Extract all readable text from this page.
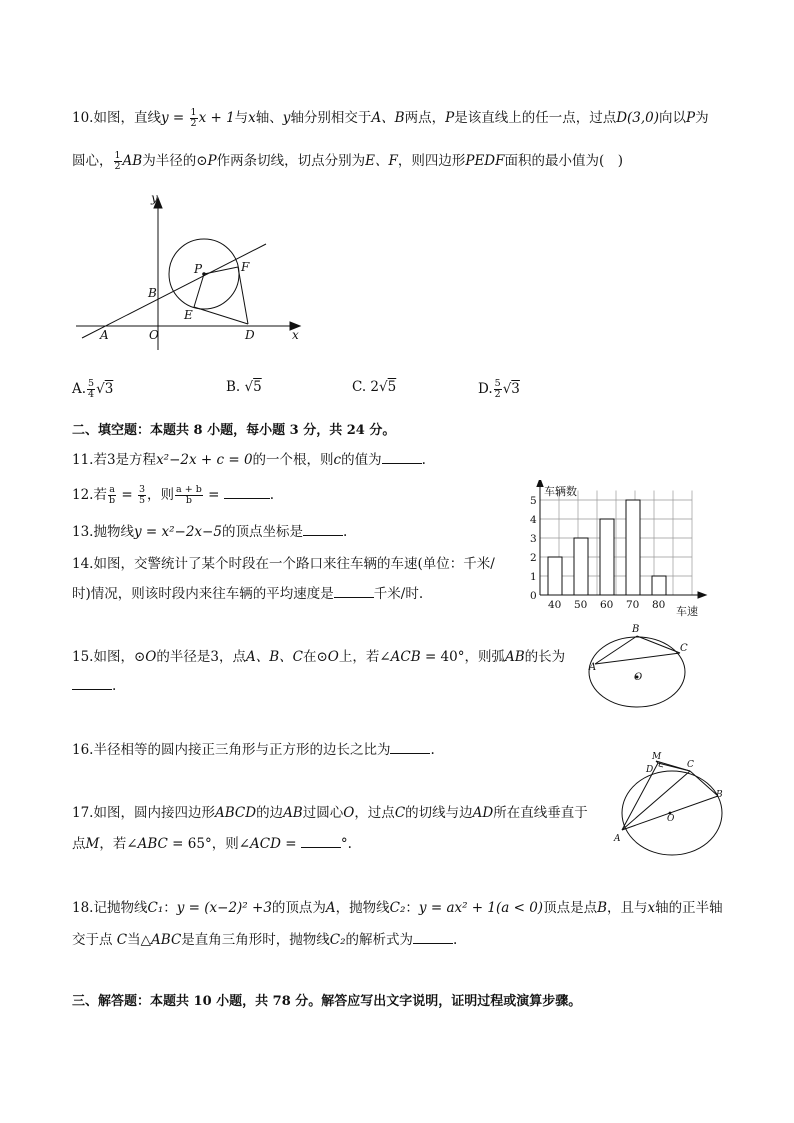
10.如图，直线$y = \frac{1}{2}$ x + 1与x轴、y轴分别相交于A、B两点，P是该直线上的任一点，过点D(3,0)向以P为
圆心， $\frac{1}{2}$ AB为半径的⊙P作两条切线，切点分别为E、F，则四边形PEDF面积的最小值为(　)
y
x
P	F
B
E
A	O	D
A. $\frac{5}{4} √3$	B. √5	C. 2√5	D. $\frac{5}{2} √3$
二、填空题：本题共 8 小题，每小题 3 分，共 24 分。
11.若3是方程x²−2x + c = 0的一个根，则c的值为	.
12.若 $\frac{a}{b} = \frac{3}{5}$ ，则 $\frac{a + b}{b}$ =	.
13.抛物线y = x²−2x−5的顶点坐标是	.
14.如图，交警统计了某个时段在一个路口来往车辆的车速(单位：千米/
时)情况，则该时段内来往车辆的平均速度是	千米/时.	0
1
2
3
4
5
40 50 60 70 80
车辆数
车速
15.如图，⊙O的半径是3，点A、B、C在⊙O上，若∠ACB = 40°，则弧AB的长为
.
A
B
C
O
16.半径相等的圆内接正三角形与正方形的边长之比为	.
17.如图，圆内接四边形ABCD的边AB过圆心O，过点C的切线与边AD所在直线垂直于
点M，若∠ABC = 65°，则∠ACD =	°.
M
D	C
B
A
O
18.记抛物线C₁：y = (x−2)² +3的顶点为A，抛物线C₂：y = ax² + 1(a < 0)顶点是点B，且与x轴的正半轴
交于点 C当△ABC是直角三角形时，抛物线C₂的解析式为	.
三、解答题：本题共 10 小题，共 78 分。解答应写出文字说明，证明过程或演算步骤。
